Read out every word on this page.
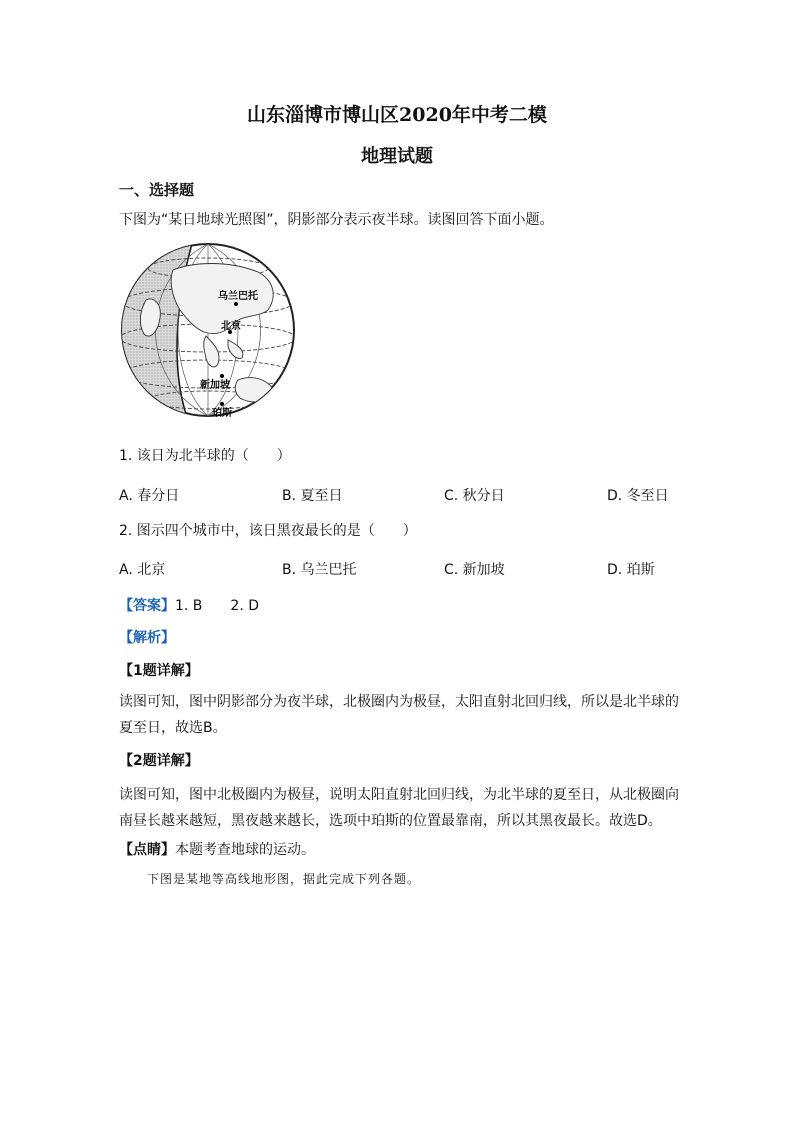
山东淄博市博山区2020年中考二模
地理试题
一、选择题
下图为“某日地球光照图”，阴影部分表示夜半球。读图回答下面小题。
乌兰巴托
北京
新加坡
珀斯
1. 该日为北半球的（　　）
A. 春分日	B. 夏至日	C. 秋分日	D. 冬至日
2. 图示四个城市中，该日黑夜最长的是（　　）
A. 北京	B. 乌兰巴托	C. 新加坡	D. 珀斯
【答案】1. B　　2. D
【解析】
【1题详解】
读图可知，图中阴影部分为夜半球，北极圈内为极昼，太阳直射北回归线，所以是北半球的夏至日，故选B。
【2题详解】
读图可知，图中北极圈内为极昼，说明太阳直射北回归线，为北半球的夏至日，从北极圈向南昼长越来越短，黑夜越来越长，选项中珀斯的位置最靠南，所以其黑夜最长。故选D。
【点睛】本题考查地球的运动。
下图是某地等高线地形图，据此完成下列各题。
